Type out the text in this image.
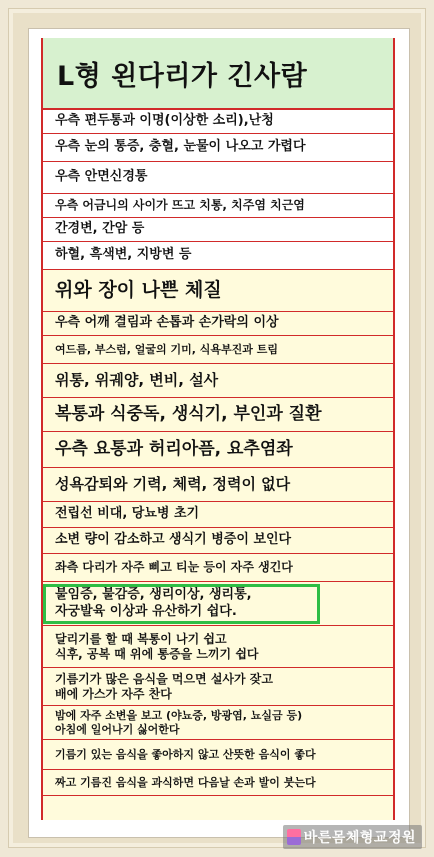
L형 왼다리가 긴사람
우측 편두통과 이명(이상한 소리),난청
우측 눈의 통증, 충혈, 눈물이 나오고 가렵다
우측 안면신경통
우측 어금니의 사이가 뜨고 치통, 치주염 치근염
간경변, 간암 등
하혈, 흑색변, 지방변 등
위와 장이 나쁜 체질
우측 어깨 결림과 손톱과 손가락의 이상
여드름, 부스럼, 얼굴의 기미, 식욕부진과 트림
위통, 위궤양, 변비, 설사
복통과 식중독, 생식기, 부인과 질환
우측 요통과 허리아픔, 요추염좌
성욕감퇴와 기력, 체력, 정력이 없다
전립선 비대, 당뇨병 초기
소변 량이 감소하고 생식기 병증이 보인다
좌측 다리가 자주 삐고 티눈 등이 자주 생긴다
불임증, 불감증, 생리이상, 생리통,
자궁발육 이상과 유산하기 쉽다.
달리기를 할 때 복통이 나기 쉽고
식후, 공복 때 위에 통증을 느끼기 쉽다
기름기가 많은 음식을 먹으면 설사가 잦고
배에 가스가 자주 찬다
밤에 자주 소변을 보고 (야뇨증, 방광염, 뇨실금 등)
아침에 일어나기 싫어한다
기름기 있는 음식을 좋아하지 않고 산뜻한 음식이 좋다
짜고 기름진 음식을 과식하면 다음날 손과 발이 붓는다
바른몸체형교정원
